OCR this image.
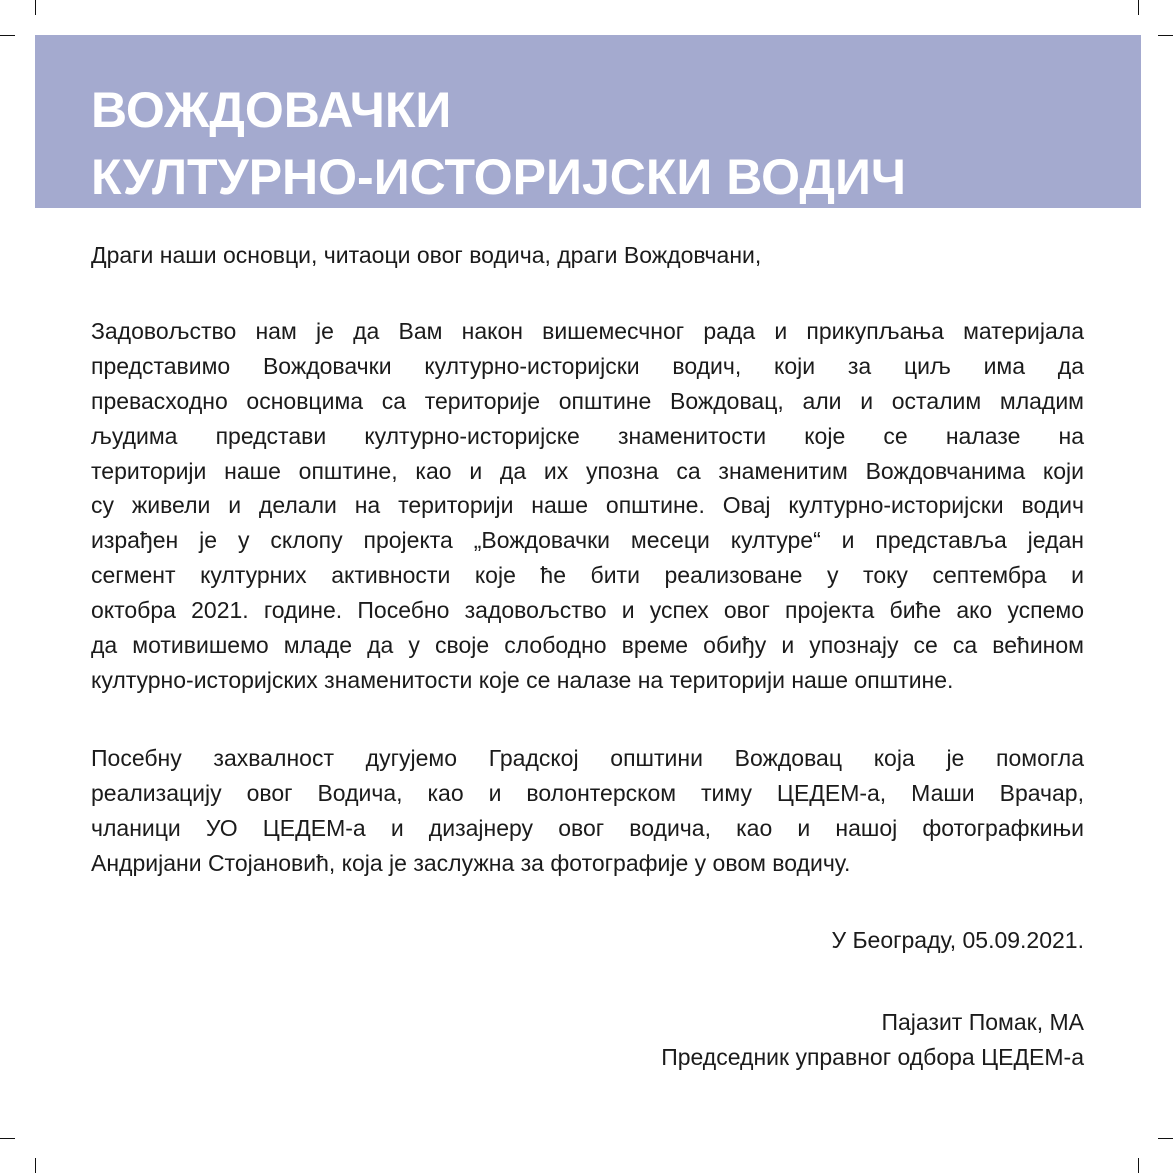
ВОЖДОВАЧКИ
КУЛТУРНО-ИСТОРИЈСКИ ВОДИЧ
Драги наши основци, читаоци овог водича, драги Вождовчани,
Задовољство нам је да Вам након вишемесчног рада и прикупљања материјала
представимо Вождовачки културно-историјски водич, који за циљ има да
превасходно основцима са територије општине Вождовац, али и осталим младим
људима представи културно-историјске знаменитости које се налазе на
територији наше општине, као и да их упозна са знаменитим Вождовчанима који
су живели и делали на територији наше општине. Овај културно-историјски водич
израђен је у склопу пројекта „Вождовачки месеци културе“ и представља један
сегмент културних активности које ће бити реализоване у току септембра и
октобра 2021. године. Посебно задовољство и успех овог пројекта биће ако успемо
да мотивишемо младе да у своје слободно време обиђу и упознају се са већином
културно-историјских знаменитости које се налазе на територији наше општине.
Посебну захвалност дугујемо Градској општини Вождовац која је помогла
реализацију овог Водича, као и волонтерском тиму ЦЕДЕМ-а, Маши Врачар,
чланици УО ЦЕДЕМ-а и дизајнеру овог водича, као и нашој фотографкињи
Андријани Стојановић, која је заслужна за фотографије у овом водичу.
У Београду, 05.09.2021.
Пајазит Помак, МА
Председник управног одбора ЦЕДЕМ-а
